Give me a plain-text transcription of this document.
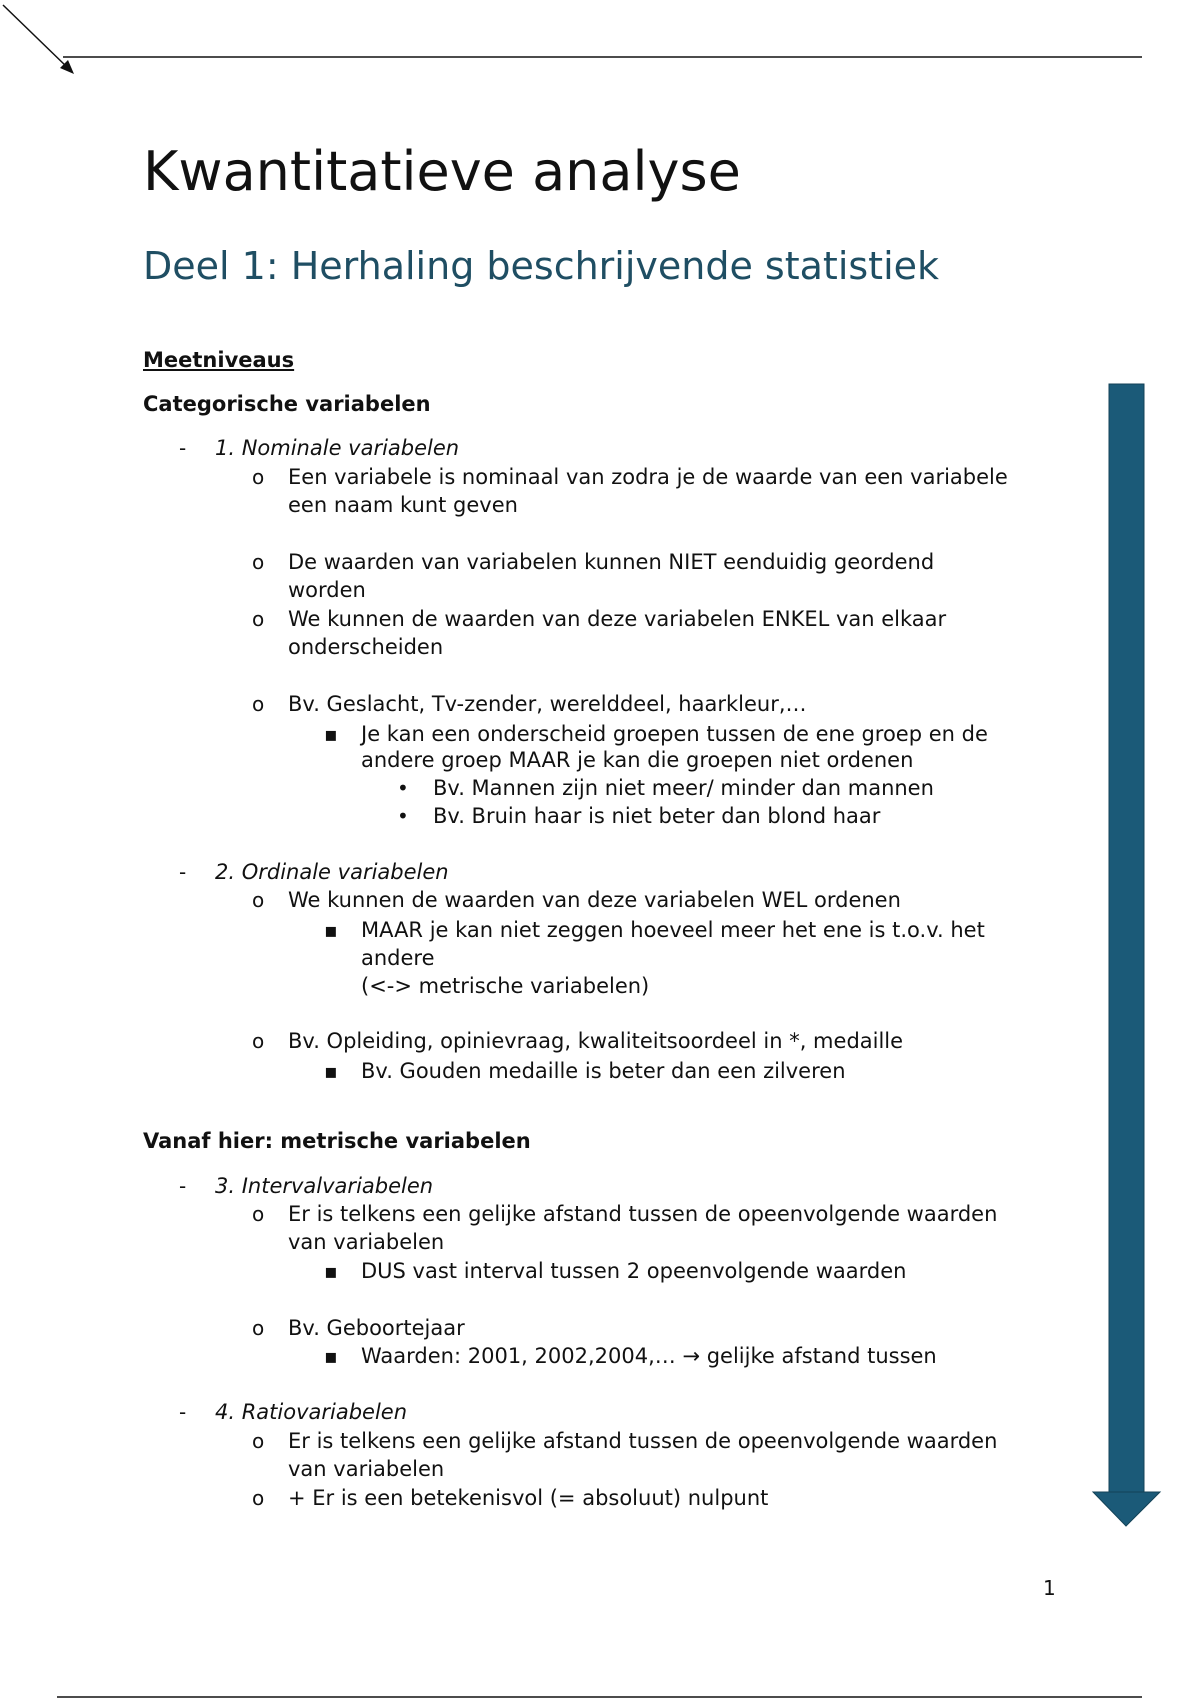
Kwantitatieve analyse
Deel 1: Herhaling beschrijvende statistiek
Meetniveaus
Categorische variabelen
- 1. Nominale variabelen
o Een variabele is nominaal van zodra je de waarde van een variabele
een naam kunt geven
o De waarden van variabelen kunnen NIET eenduidig geordend
worden
o We kunnen de waarden van deze variabelen ENKEL van elkaar
onderscheiden
o Bv. Geslacht, Tv-zender, werelddeel, haarkleur,…
▪ Je kan een onderscheid groepen tussen de ene groep en de
andere groep MAAR je kan die groepen niet ordenen
• Bv. Mannen zijn niet meer/ minder dan mannen
• Bv. Bruin haar is niet beter dan blond haar
- 2. Ordinale variabelen
o We kunnen de waarden van deze variabelen WEL ordenen
▪ MAAR je kan niet zeggen hoeveel meer het ene is t.o.v. het
andere
(<-> metrische variabelen)
o Bv. Opleiding, opinievraag, kwaliteitsoordeel in *, medaille
▪ Bv. Gouden medaille is beter dan een zilveren
Vanaf hier: metrische variabelen
- 3. Intervalvariabelen
o Er is telkens een gelijke afstand tussen de opeenvolgende waarden
van variabelen
▪ DUS vast interval tussen 2 opeenvolgende waarden
o Bv. Geboortejaar
▪ Waarden: 2001, 2002,2004,… → gelijke afstand tussen
- 4. Ratiovariabelen
o Er is telkens een gelijke afstand tussen de opeenvolgende waarden
van variabelen
o + Er is een betekenisvol (= absoluut) nulpunt
1
